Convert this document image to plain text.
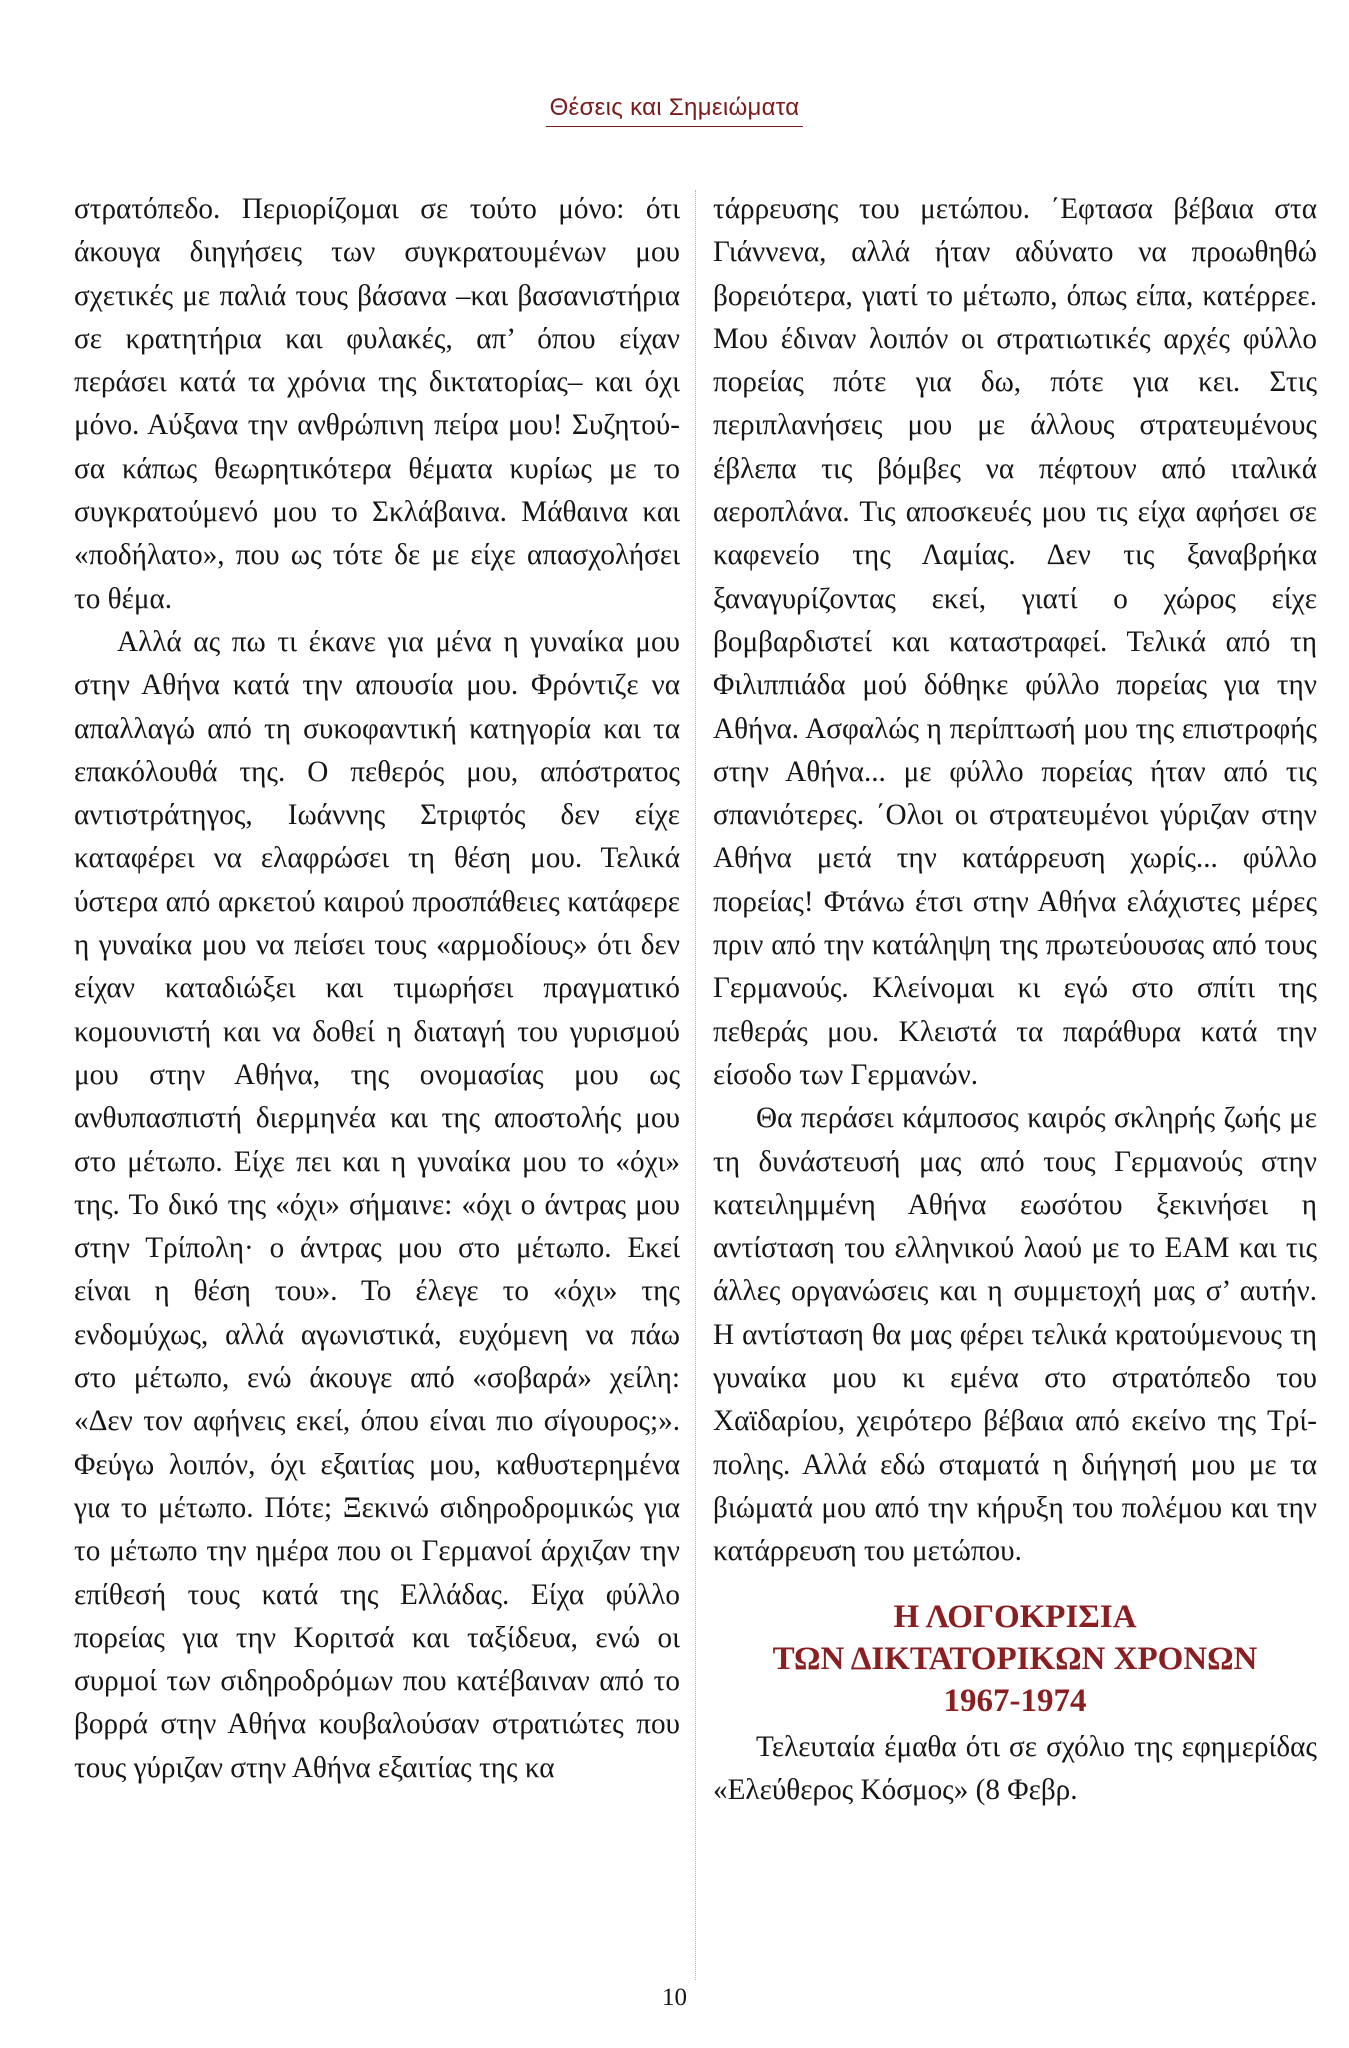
Θέσεις και Σημειώματα

στρατόπεδο. Περιορίζομαι σε τούτο μόνο: ότι άκουγα διηγήσεις των συγκρατουμένων μου σχετικές με παλιά τους βάσανα –και βασανιστήρια σε κρατητήρια και φυλακές, απ’ όπου είχαν περάσει κατά τα χρόνια της δικτατορίας– και όχι μόνο. Αύξανα την ανθρώπινη πείρα μου! Συζητούσα κάπως θεωρητικότερα θέματα κυρίως με το συγκρατούμενό μου το Σκλάβαινα. Μάθαινα και «ποδήλατο», που ως τότε δε με είχε απασχολήσει το θέμα.

Αλλά ας πω τι έκανε για μένα η γυναίκα μου στην Αθήνα κατά την απουσία μου. Φρόντιζε να απαλλαγώ από τη συκοφαντική κατηγορία και τα επακόλουθά της. Ο πεθερός μου, απόστρατος αντιστράτηγος, Ιωάννης Στριφτός δεν είχε καταφέρει να ελαφρώσει τη θέση μου. Τελικά ύστερα από αρκετού καιρού προσπάθειες κατάφερε η γυναίκα μου να πείσει τους «αρμοδίους» ότι δεν είχαν καταδιώξει και τιμωρήσει πραγματικό κομουνιστή και να δοθεί η διαταγή του γυρισμού μου στην Αθήνα, της ονομασίας μου ως ανθυπασπιστή διερμηνέα και της αποστολής μου στο μέτωπο. Είχε πει και η γυναίκα μου το «όχι» της. Το δικό της «όχι» σήμαινε: «όχι ο άντρας μου στην Τρίπολη· ο άντρας μου στο μέτωπο. Εκεί είναι η θέση του». Το έλεγε το «όχι» της ενδομύχως, αλλά αγωνιστικά, ευχόμενη να πάω στο μέτωπο, ενώ άκουγε από «σοβαρά» χείλη: «Δεν τον αφήνεις εκεί, όπου είναι πιο σίγουρος;». Φεύγω λοιπόν, όχι εξαιτίας μου, καθυστερημένα για το μέτωπο. Πότε; Ξεκινώ σιδηροδρομικώς για το μέτωπο την ημέρα που οι Γερμανοί άρχιζαν την επίθεσή τους κατά της Ελλάδας. Είχα φύλλο πορείας για την Κoριτσά και ταξίδευα, ενώ οι συρμοί των σιδηροδρόμων που κατέβαιναν από το βορρά στην Αθήνα κουβαλούσαν στρατιώτες που τους γύριζαν στην Αθήνα εξαιτίας της κα

τάρρευσης του μετώπου. ΄Εφτασα βέβαια στα Γιάννενα, αλλά ήταν αδύνατο να προωθηθώ βορειότερα, γιατί το μέτωπο, όπως είπα, κατέρρεε. Μου έδιναν λοιπόν οι στρατιωτικές αρχές φύλλο πορείας πότε για δω, πότε για κει. Στις περιπλανήσεις μου με άλλους στρατευμένους έβλεπα τις βόμβες να πέφτουν από ιταλικά αεροπλάνα. Τις αποσκευές μου τις είχα αφήσει σε καφενείο της Λαμίας. Δεν τις ξαναβρήκα ξαναγυρίζοντας εκεί, γιατί ο χώρος είχε βομβαρδιστεί και καταστραφεί. Τελικά από τη Φιλιππιάδα μού δόθηκε φύλλο πορείας για την Αθήνα. Ασφαλώς η περίπτωσή μου της επιστροφής στην Αθήνα... με φύλλο πορείας ήταν από τις σπανιότερες. ΄Ολοι οι στρατευμένοι γύριζαν στην Αθήνα μετά την κατάρρευση χωρίς... φύλλο πορείας! Φτάνω έτσι στην Αθήνα ελάχιστες μέρες πριν από την κατάληψη της πρωτεύουσας από τους Γερμανούς. Κλείνομαι κι εγώ στο σπίτι της πεθεράς μου. Κλειστά τα παράθυρα κατά την είσοδο των Γερμανών.

Θα περάσει κάμποσος καιρός σκληρής ζωής με τη δυνάστευσή μας από τους Γερμανούς στην κατειλημμένη Αθήνα εωσότου ξεκινήσει η αντίσταση του ελληνικού λαού με το ΕΑΜ και τις άλλες οργανώσεις και η συμμετοχή μας σ’ αυτήν. Η αντίσταση θα μας φέρει τελικά κρατούμενους τη γυναίκα μου κι εμένα στο στρατόπεδο του Χαϊδαρίου, χειρότερο βέβαια από εκείνο της Τρίπολης. Αλλά εδώ σταματά η διήγησή μου με τα βιώματά μου από την κήρυξη του πολέμου και την κατάρρευση του μετώπου.

Η ΛΟΓΟΚΡΙΣΙΑ
ΤΩΝ ΔΙΚΤΑΤΟΡΙΚΩΝ ΧΡΟΝΩΝ
1967-1974

Τελευταία έμαθα ότι σε σχόλιο της εφημερίδας «Ελεύθερος Κόσμος» (8 Φεβρ.

10
